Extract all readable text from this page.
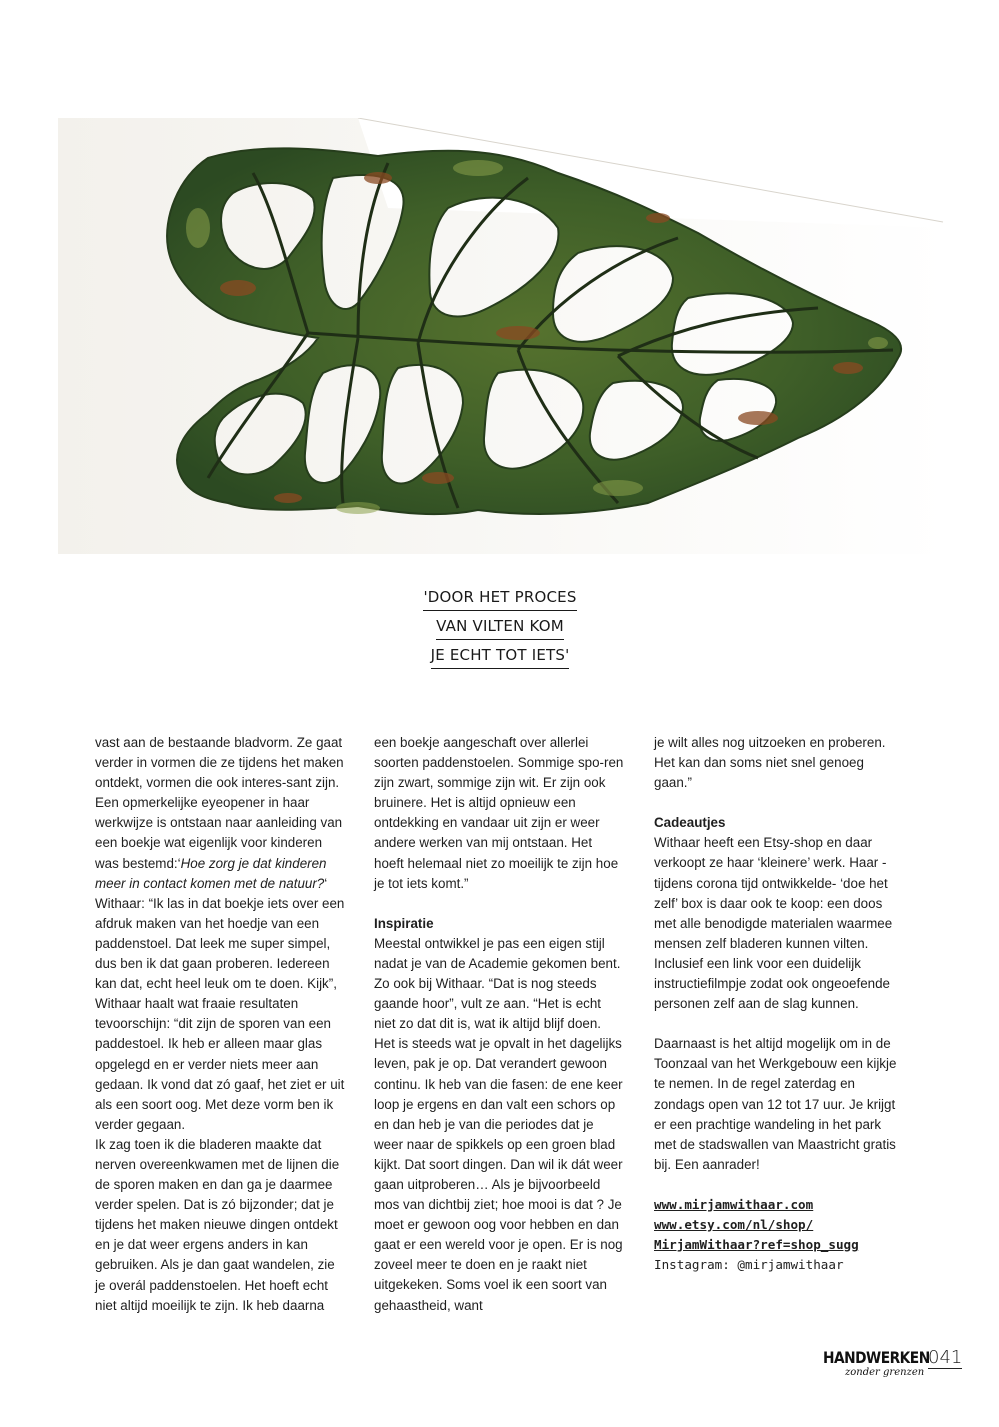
'DOOR HET PROCES
VAN VILTEN KOM
JE ECHT TOT IETS'

vast aan de bestaande bladvorm. Ze gaat verder in vormen die ze tijdens het maken ontdekt, vormen die ook interes-sant zijn. Een opmerkelijke eyeopener in haar werkwijze is ontstaan naar aanleiding van een boekje wat eigenlijk voor kinderen was bestemd:‘Hoe zorg je dat kinderen meer in contact komen met de natuur?‘ Withaar: “Ik las in dat boekje iets over een afdruk maken van het hoedje van een paddenstoel. Dat leek me super simpel, dus ben ik dat gaan proberen. Iedereen kan dat, echt heel leuk om te doen. Kijk”, Withaar haalt wat fraaie resultaten tevoorschijn: “dit zijn de sporen van een paddestoel. Ik heb er alleen maar glas opgelegd en er verder niets meer aan gedaan. Ik vond dat zó gaaf, het ziet er uit als een soort oog. Met deze vorm ben ik verder gegaan.

Ik zag toen ik die bladeren maakte dat nerven overeenkwamen met de lijnen die de sporen maken en dan ga je daarmee verder spelen. Dat is zó bijzonder; dat je tijdens het maken nieuwe dingen ontdekt en je dat weer ergens anders in kan gebruiken. Als je dan gaat wandelen, zie je overál paddenstoelen. Het hoeft echt niet altijd moeilijk te zijn. Ik heb daarna

een boekje aangeschaft over allerlei soorten paddenstoelen. Sommige spo-ren zijn zwart, sommige zijn wit. Er zijn ook bruinere. Het is altijd opnieuw een ontdekking en vandaar uit zijn er weer andere werken van mij ontstaan. Het hoeft helemaal niet zo moeilijk te zijn hoe je tot iets komt.”

Inspiratie

Meestal ontwikkel je pas een eigen stijl nadat je van de Academie gekomen bent. Zo ook bij Withaar. “Dat is nog steeds gaande hoor”, vult ze aan. “Het is echt niet zo dat dit is, wat ik altijd blijf doen. Het is steeds wat je opvalt in het dagelijks leven, pak je op. Dat verandert gewoon continu. Ik heb van die fasen: de ene keer loop je ergens en dan valt een schors op en dan heb je van die periodes dat je weer naar de spikkels op een groen blad kijkt. Dat soort dingen. Dan wil ik dát weer gaan uitproberen… Als je bijvoorbeeld mos van dichtbij ziet; hoe mooi is dat ? Je moet er gewoon oog voor hebben en dan gaat er een wereld voor je open. Er is nog zoveel meer te doen en je raakt niet uitgekeken. Soms voel ik een soort van gehaastheid, want

je wilt alles nog uitzoeken en proberen. Het kan dan soms niet snel genoeg gaan.”

Cadeautjes

Withaar heeft een Etsy-shop en daar verkoopt ze haar ‘kleinere’ werk. Haar -tijdens corona tijd ontwikkelde- ‘doe het zelf’ box is daar ook te koop: een doos met alle benodigde materialen waarmee mensen zelf bladeren kunnen vilten. Inclusief een link voor een duidelijk instructiefilmpje zodat ook ongeoefende personen zelf aan de slag kunnen.

Daarnaast is het altijd mogelijk om in de Toonzaal van het Werkgebouw een kijkje te nemen. In de regel zaterdag en zondags open van 12 tot 17 uur. Je krijgt er een prachtige wandeling in het park met de stadswallen van Maastricht gratis bij. Een aanrader!

www.mirjamwithaar.com
www.etsy.com/nl/shop/
MirjamWithaar?ref=shop_sugg
Instagram: @mirjamwithaar
HANDWERKEN
zonder grenzen
041
